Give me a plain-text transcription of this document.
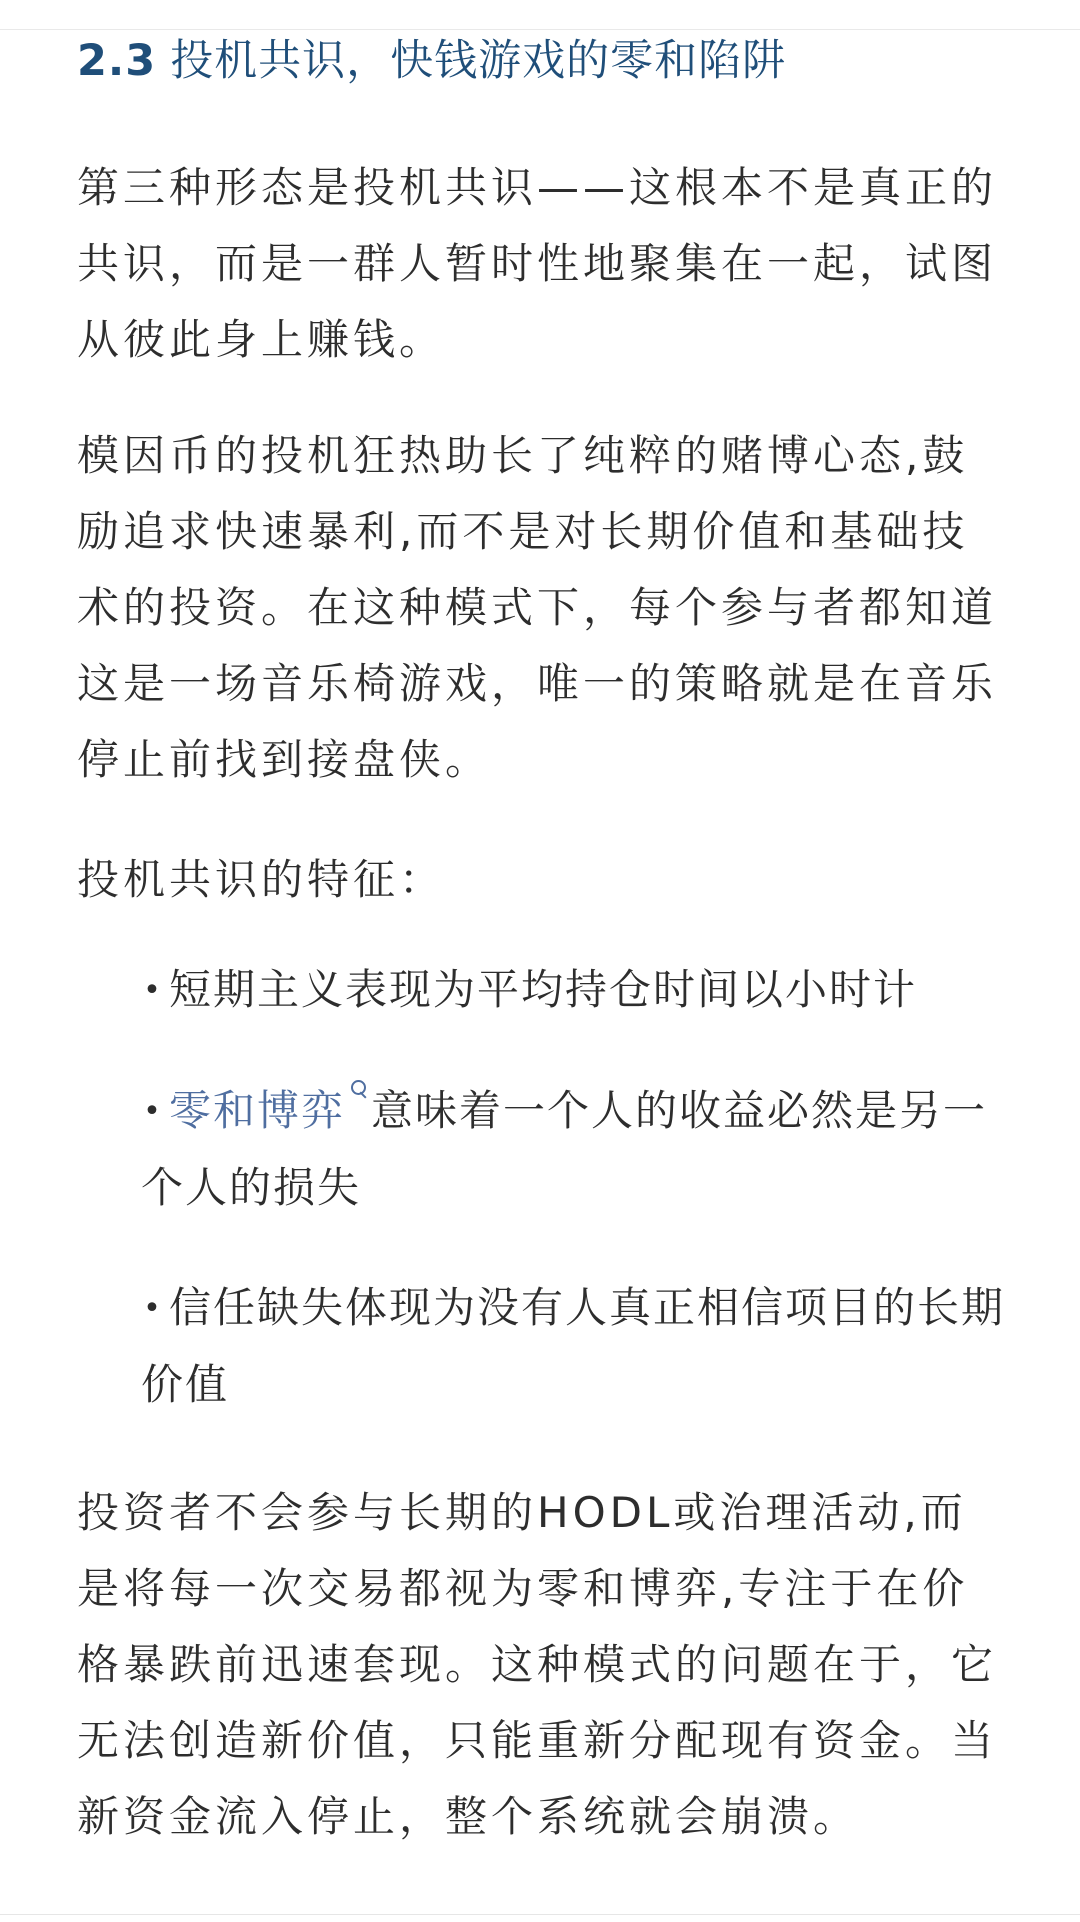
2.3 投机共识，快钱游戏的零和陷阱

第三种形态是投机共识——这根本不是真正的共识，而是一群人暂时性地聚集在一起，试图从彼此身上赚钱。

模因币的投机狂热助长了纯粹的赌博心态,鼓励追求快速暴利,而不是对长期价值和基础技术的投资。在这种模式下，每个参与者都知道这是一场音乐椅游戏，唯一的策略就是在音乐停止前找到接盘侠。

投机共识的特征：

• 短期主义表现为平均持仓时间以小时计
• 零和博弈 意味着一个人的收益必然是另一个人的损失
• 信任缺失体现为没有人真正相信项目的长期价值

投资者不会参与长期的HODL或治理活动,而是将每一次交易都视为零和博弈,专注于在价格暴跌前迅速套现。这种模式的问题在于，它无法创造新价值，只能重新分配现有资金。当新资金流入停止，整个系统就会崩溃。
